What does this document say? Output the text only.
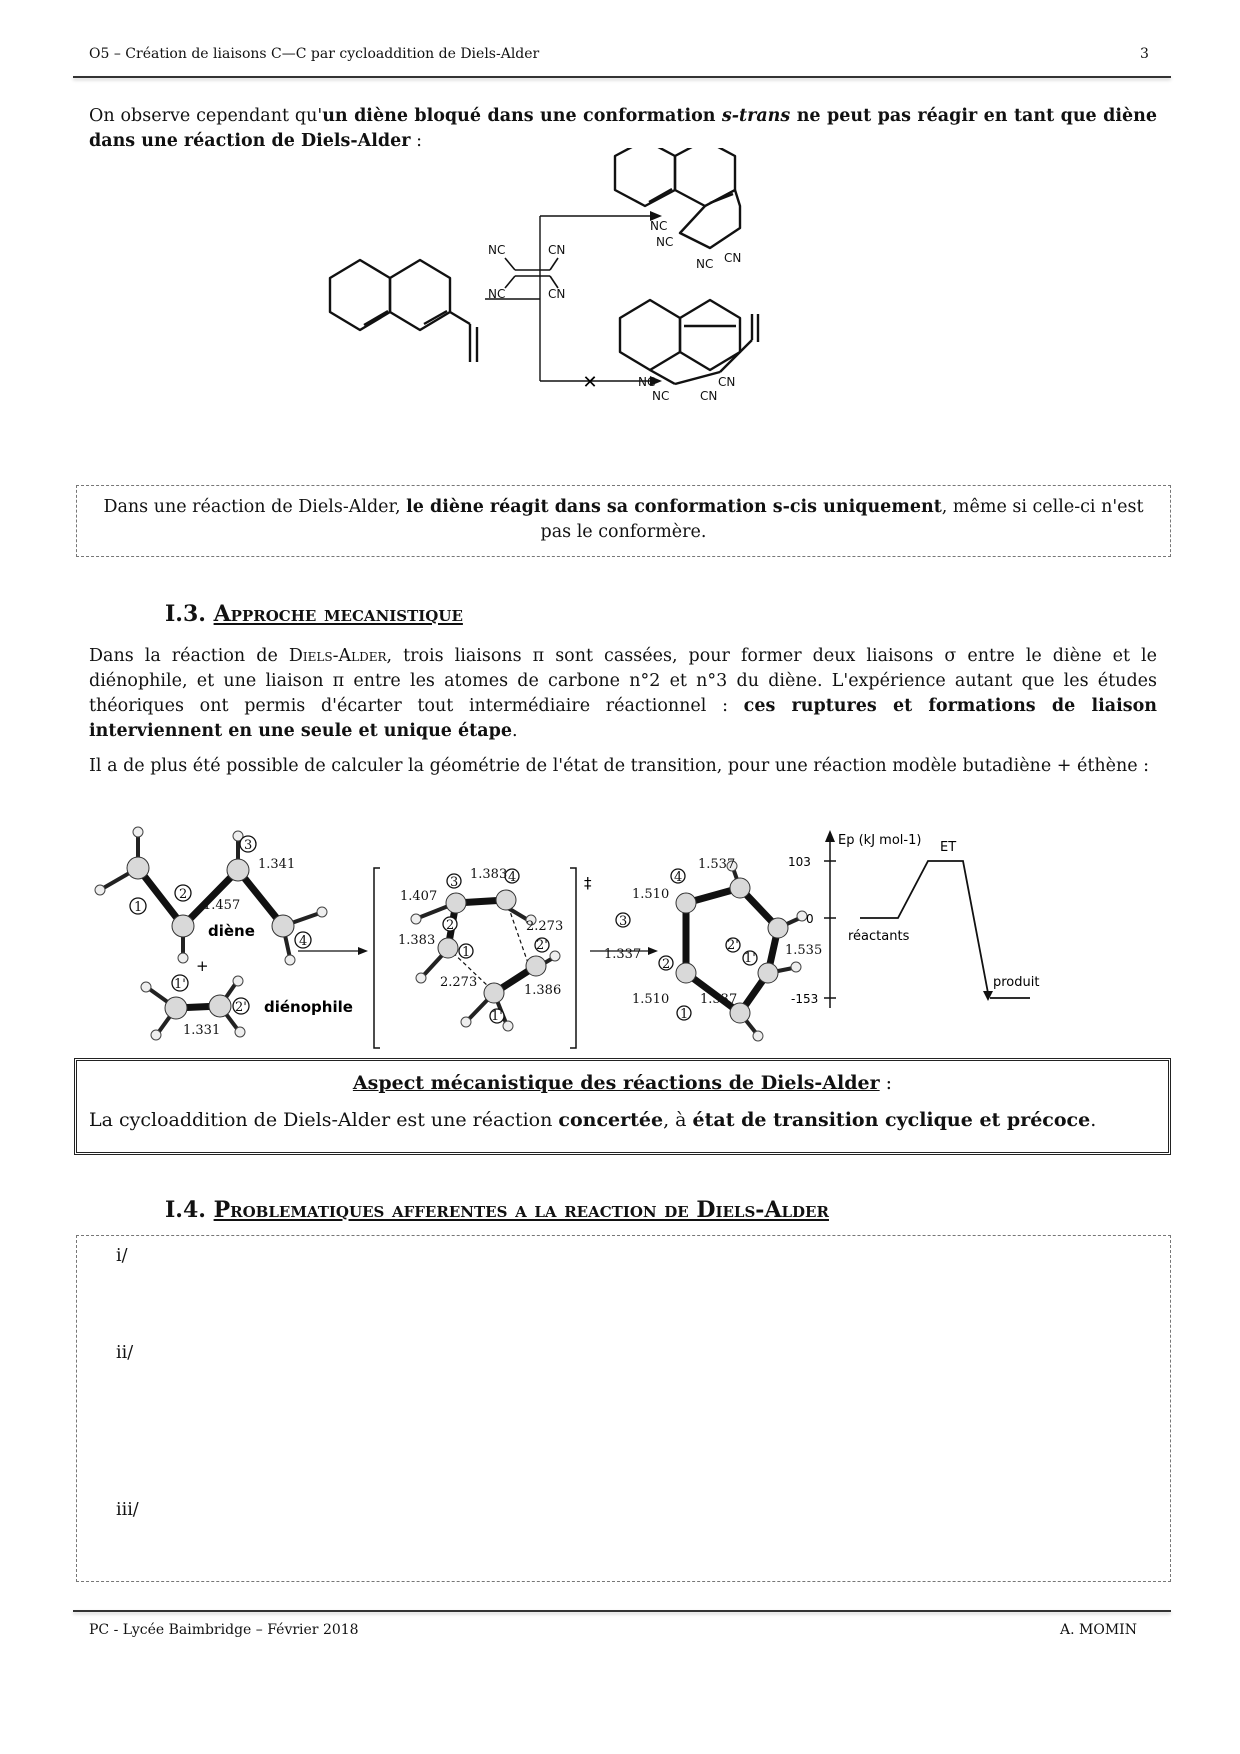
O5 – Création de liaisons C—C par cycloaddition de Diels-Alder	3

On observe cependant qu'un diène bloqué dans une conformation s-trans ne peut pas réagir en tant que diène dans une réaction de Diels-Alder :

✕
NC	CN
NC	CN
NC
NC
NC CN
NC
NC
CN
CN

Dans une réaction de Diels-Alder, le diène réagit dans sa conformation s-cis uniquement, même si celle-ci n'est pas le conformère.

I.3. Approche mecanistique

Dans la réaction de Diels-Alder, trois liaisons π sont cassées, pour former deux liaisons σ entre le diène et le diénophile, et une liaison π entre les atomes de carbone n°2 et n°3 du diène. L'expérience autant que les études théoriques ont permis d'écarter tout intermédiaire réactionnel : ces ruptures et formations de liaison interviennent en une seule et unique étape.

Il a de plus été possible de calculer la géométrie de l'état de transition, pour une réaction modèle butadiène + éthène :

1
2
3
4
1.457
1.341
diène
+
1'
2'
1.331
diénophile
‡
3	4
2
1	2'
1'
1.383
1.407
1.383
2.273
2.273
1.386
3
4
2
1
2'
1'
1.510
1.537
1.337	1.535
1.510 1.537
Ep (kJ mol-1)
103
0
-153
réactants
ET
produit

Aspect mécanistique des réactions de Diels-Alder :

La cycloaddition de Diels-Alder est une réaction concertée, à état de transition cyclique et précoce.

I.4. Problematiques afferentes a la reaction de Diels-Alder
i/
ii/
iii/
PC - Lycée Baimbridge – Février 2018	A. MOMIN
